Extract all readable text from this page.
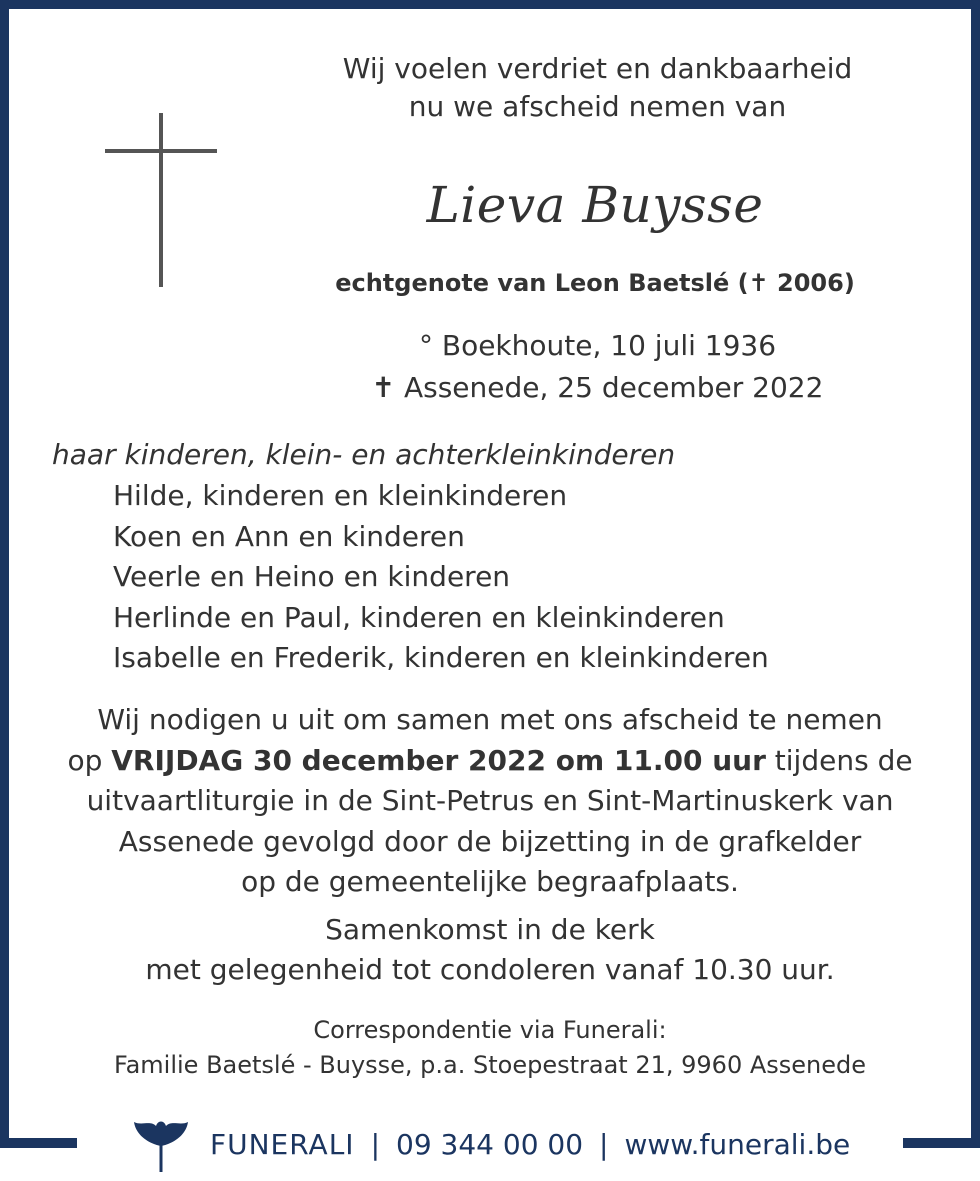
Wij voelen verdriet en dankbaarheid
nu we afscheid nemen van
Lieva Buysse
echtgenote van Leon Baetslé (✝ 2006)
° Boekhoute, 10 juli 1936
✝ Assenede, 25 december 2022
haar kinderen, klein- en achterkleinkinderen
Hilde, kinderen en kleinkinderen
Koen en Ann en kinderen
Veerle en Heino en kinderen
Herlinde en Paul, kinderen en kleinkinderen
Isabelle en Frederik, kinderen en kleinkinderen
Wij nodigen u uit om samen met ons afscheid te nemen
op VRIJDAG 30 december 2022 om 11.00 uur tijdens de
uitvaartliturgie in de Sint-Petrus en Sint-Martinuskerk van
Assenede gevolgd door de bijzetting in de grafkelder
op de gemeentelijke begraafplaats.
Samenkomst in de kerk
met gelegenheid tot condoleren vanaf 10.30 uur.
Correspondentie via Funerali:
Familie Baetslé - Buysse, p.a. Stoepestraat 21, 9960 Assenede
FUNERALI | 09 344 00 00 | www.funerali.be
